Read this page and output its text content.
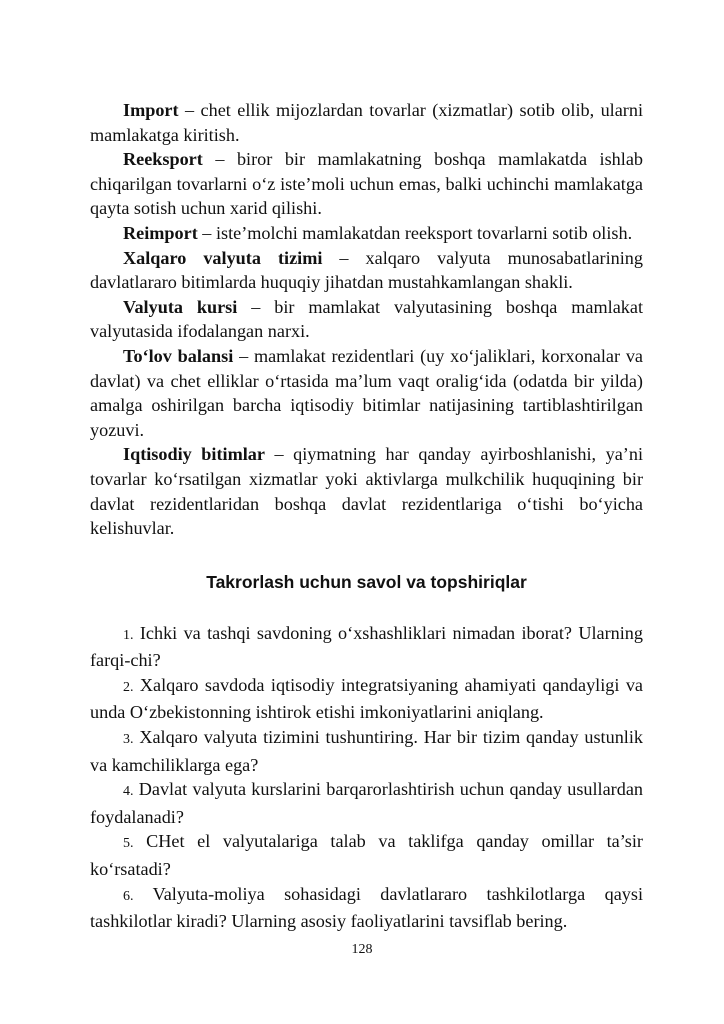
Import – chet ellik mijozlardan tovarlar (xizmatlar) sotib olib, ularni mamlakatga kiritish.

Reeksport – biror bir mamlakatning boshqa mamlakatda ishlab chiqarilgan tovarlarni o‘z iste’moli uchun emas, balki uchinchi mamlakatga qayta sotish uchun xarid qilishi.

Reimport – iste’molchi mamlakatdan reeksport tovarlarni sotib olish.

Xalqaro valyuta tizimi – xalqaro valyuta munosabatlarining davlatlararo bitimlarda huquqiy jihatdan mustahkamlangan shakli.

Valyuta kursi – bir mamlakat valyutasining boshqa mamlakat valyutasida ifodalangan narxi.

To‘lov balansi – mamlakat rezidentlari (uy xo‘jaliklari, korxonalar va davlat) va chet elliklar o‘rtasida ma’lum vaqt oralig‘ida (odatda bir yilda) amalga oshirilgan barcha iqtisodiy bitimlar natijasining tartiblashtirilgan yozuvi.

Iqtisodiy bitimlar – qiymatning har qanday ayirboshlanishi, ya’ni tovarlar ko‘rsatilgan xizmatlar yoki aktivlarga mulkchilik huquqining bir davlat rezidentlaridan boshqa davlat rezidentlariga o‘tishi bo‘yicha kelishuvlar.

Takrorlash uchun savol va topshiriqlar

1. Ichki va tashqi savdoning o‘xshashliklari nimadan iborat? Ularning farqi-chi?

2. Xalqaro savdoda iqtisodiy integratsiyaning ahamiyati qandayligi va unda O‘zbekistonning ishtirok etishi imkoniyatlarini aniqlang.

3. Xalqaro valyuta tizimini tushuntiring. Har bir tizim qanday ustunlik va kamchiliklarga ega?

4. Davlat valyuta kurslarini barqarorlashtirish uchun qanday usullardan foydalanadi?

5. CHet el valyutalariga talab va taklifga qanday omillar ta’sir ko‘rsatadi?

6. Valyuta-moliya sohasidagi davlatlararo tashkilotlarga qaysi tashkilotlar kiradi? Ularning asosiy faoliyatlarini tavsiflab bering.

128
